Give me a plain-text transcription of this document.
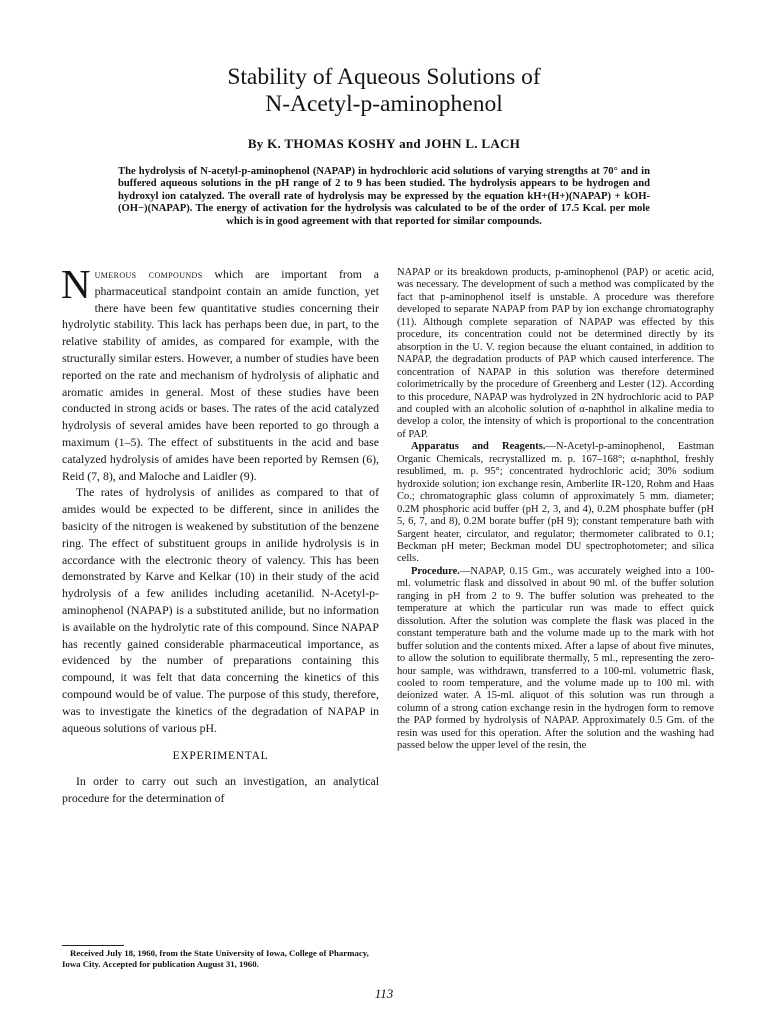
Stability of Aqueous Solutions of
N-Acetyl-p-aminophenol
By K. THOMAS KOSHY and JOHN L. LACH

The hydrolysis of N-acetyl-p-aminophenol (NAPAP) in hydrochloric acid solutions of varying strengths at 70° and in buffered aqueous solutions in the pH range of 2 to 9 has been studied. The hydrolysis appears to be hydrogen and hydroxyl ion catalyzed. The overall rate of hydrolysis may be expressed by the equation kH+(H+)(NAPAP) + kOH-(OH−)(NAPAP). The energy of activation for the hydrolysis was calculated to be of the order of 17.5 Kcal. per mole which is in good agreement with that reported for similar compounds.

Numerous compounds which are important from a pharmaceutical standpoint contain an amide function, yet there have been few quantitative studies concerning their hydrolytic stability. This lack has perhaps been due, in part, to the relative stability of amides, as compared for example, with the structurally similar esters. However, a number of studies have been reported on the rate and mechanism of hydrolysis of aliphatic and aromatic amides in general. Most of these studies have been conducted in strong acids or bases. The rates of the acid catalyzed hydrolysis of several amides have been reported to go through a maximum (1–5). The effect of substituents in the acid and base catalyzed hydrolysis of amides have been reported by Remsen (6), Reid (7, 8), and Maloche and Laidler (9).

The rates of hydrolysis of anilides as compared to that of amides would be expected to be different, since in anilides the basicity of the nitrogen is weakened by substitution of the benzene ring. The effect of substituent groups in anilide hydrolysis is in accordance with the electronic theory of valency. This has been demonstrated by Karve and Kelkar (10) in their study of the acid hydrolysis of a few anilides including acetanilid. N-Acetyl-p-aminophenol (NAPAP) is a substituted anilide, but no information is available on the hydrolytic rate of this compound. Since NAPAP has recently gained considerable pharmaceutical importance, as evidenced by the number of preparations containing this compound, it was felt that data concerning the kinetics of this compound would be of value. The purpose of this study, therefore, was to investigate the kinetics of the degradation of NAPAP in aqueous solutions of various pH.

EXPERIMENTAL

In order to carry out such an investigation, an analytical procedure for the determination of

NAPAP or its breakdown products, p-aminophenol (PAP) or acetic acid, was necessary. The development of such a method was complicated by the fact that p-aminophenol itself is unstable. A procedure was therefore developed to separate NAPAP from PAP by ion exchange chromatography (11). Although complete separation of NAPAP was effected by this procedure, its concentration could not be determined directly by its absorption in the U. V. region because the eluant contained, in addition to NAPAP, the degradation products of PAP which caused interference. The concentration of NAPAP in this solution was therefore determined colorimetrically by the procedure of Greenberg and Lester (12). According to this procedure, NAPAP was hydrolyzed in 2N hydrochloric acid to PAP and coupled with an alcoholic solution of α-naphthol in alkaline media to develop a color, the intensity of which is proportional to the concentration of PAP.

Apparatus and Reagents.—N-Acetyl-p-aminophenol, Eastman Organic Chemicals, recrystallized m. p. 167–168°; α-naphthol, freshly resublimed, m. p. 95°; concentrated hydrochloric acid; 30% sodium hydroxide solution; ion exchange resin, Amberlite IR-120, Rohm and Haas Co.; chromatographic glass column of approximately 5 mm. diameter; 0.2M phosphoric acid buffer (pH 2, 3, and 4), 0.2M phosphate buffer (pH 5, 6, 7, and 8), 0.2M borate buffer (pH 9); constant temperature bath with Sargent heater, circulator, and regulator; thermometer calibrated to 0.1; Beckman pH meter; Beckman model DU spectrophotometer; and silica cells.

Procedure.—NAPAP, 0.15 Gm., was accurately weighed into a 100-ml. volumetric flask and dissolved in about 90 ml. of the buffer solution ranging in pH from 2 to 9. The buffer solution was preheated to the temperature at which the particular run was made to effect quick dissolution. After the solution was complete the flask was placed in the constant temperature bath and the volume made up to the mark with hot buffer solution and the contents mixed. After a lapse of about five minutes, to allow the solution to equilibrate thermally, 5 ml., representing the zero-hour sample, was withdrawn, transferred to a 100-ml. volumetric flask, cooled to room temperature, and the volume made up to 100 ml. with deionized water. A 15-ml. aliquot of this solution was run through a column of a strong cation exchange resin in the hydrogen form to remove the PAP formed by hydrolysis of NAPAP. Approximately 0.5 Gm. of the resin was used for this operation. After the solution and the washing had passed below the upper level of the resin, the

Received July 18, 1960, from the State University of Iowa, College of Pharmacy, Iowa City. Accepted for publication August 31, 1960.

113
